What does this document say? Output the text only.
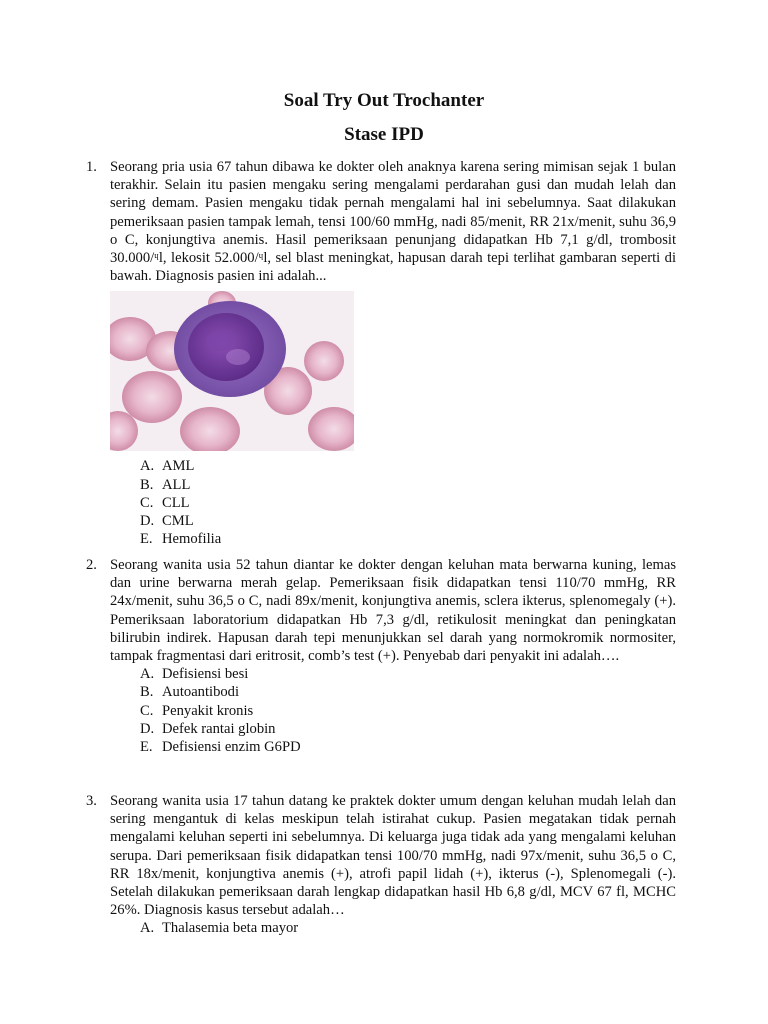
Soal Try Out Trochanter
Stase IPD
1. Seorang pria usia 67 tahun dibawa ke dokter oleh anaknya karena sering mimisan sejak 1 bulan terakhir. Selain itu pasien mengaku sering mengalami perdarahan gusi dan mudah lelah dan sering demam. Pasien mengaku tidak pernah mengalami hal ini sebelumnya. Saat dilakukan pemeriksaan pasien tampak lemah, tensi 100/60 mmHg, nadi 85/menit, RR 21x/menit, suhu 36,9 o C, konjungtiva anemis. Hasil pemeriksaan penunjang didapatkan Hb 7,1 g/dl, trombosit 30.000/ᶣl, lekosit 52.000/ᶣl, sel blast meningkat, hapusan darah tepi terlihat gambaran seperti di bawah. Diagnosis pasien ini adalah...
A. AML
B. ALL
C. CLL
D. CML
E. Hemofilia
2. Seorang wanita usia 52 tahun diantar ke dokter dengan keluhan mata berwarna kuning, lemas dan urine berwarna merah gelap. Pemeriksaan fisik didapatkan tensi 110/70 mmHg, RR 24x/menit, suhu 36,5 o C, nadi 89x/menit, konjungtiva anemis, sclera ikterus, splenomegaly (+). Pemeriksaan laboratorium didapatkan Hb 7,3 g/dl, retikulosit meningkat dan peningkatan bilirubin indirek. Hapusan darah tepi menunjukkan sel darah yang normokromik normositer, tampak fragmentasi dari eritrosit, comb’s test (+). Penyebab dari penyakit ini adalah….
A. Defisiensi besi
B. Autoantibodi
C. Penyakit kronis
D. Defek rantai globin
E. Defisiensi enzim G6PD
3. Seorang wanita usia 17 tahun datang ke praktek dokter umum dengan keluhan mudah lelah dan sering mengantuk di kelas meskipun telah istirahat cukup. Pasien megatakan tidak pernah mengalami keluhan seperti ini sebelumnya. Di keluarga juga tidak ada yang mengalami keluhan serupa. Dari pemeriksaan fisik didapatkan tensi 100/70 mmHg, nadi 97x/menit, suhu 36,5 o C, RR 18x/menit, konjungtiva anemis (+), atrofi papil lidah (+), ikterus (-), Splenomegali (-). Setelah dilakukan pemeriksaan darah lengkap didapatkan hasil Hb 6,8 g/dl, MCV 67 fl, MCHC 26%. Diagnosis kasus tersebut adalah…
A. Thalasemia beta mayor
